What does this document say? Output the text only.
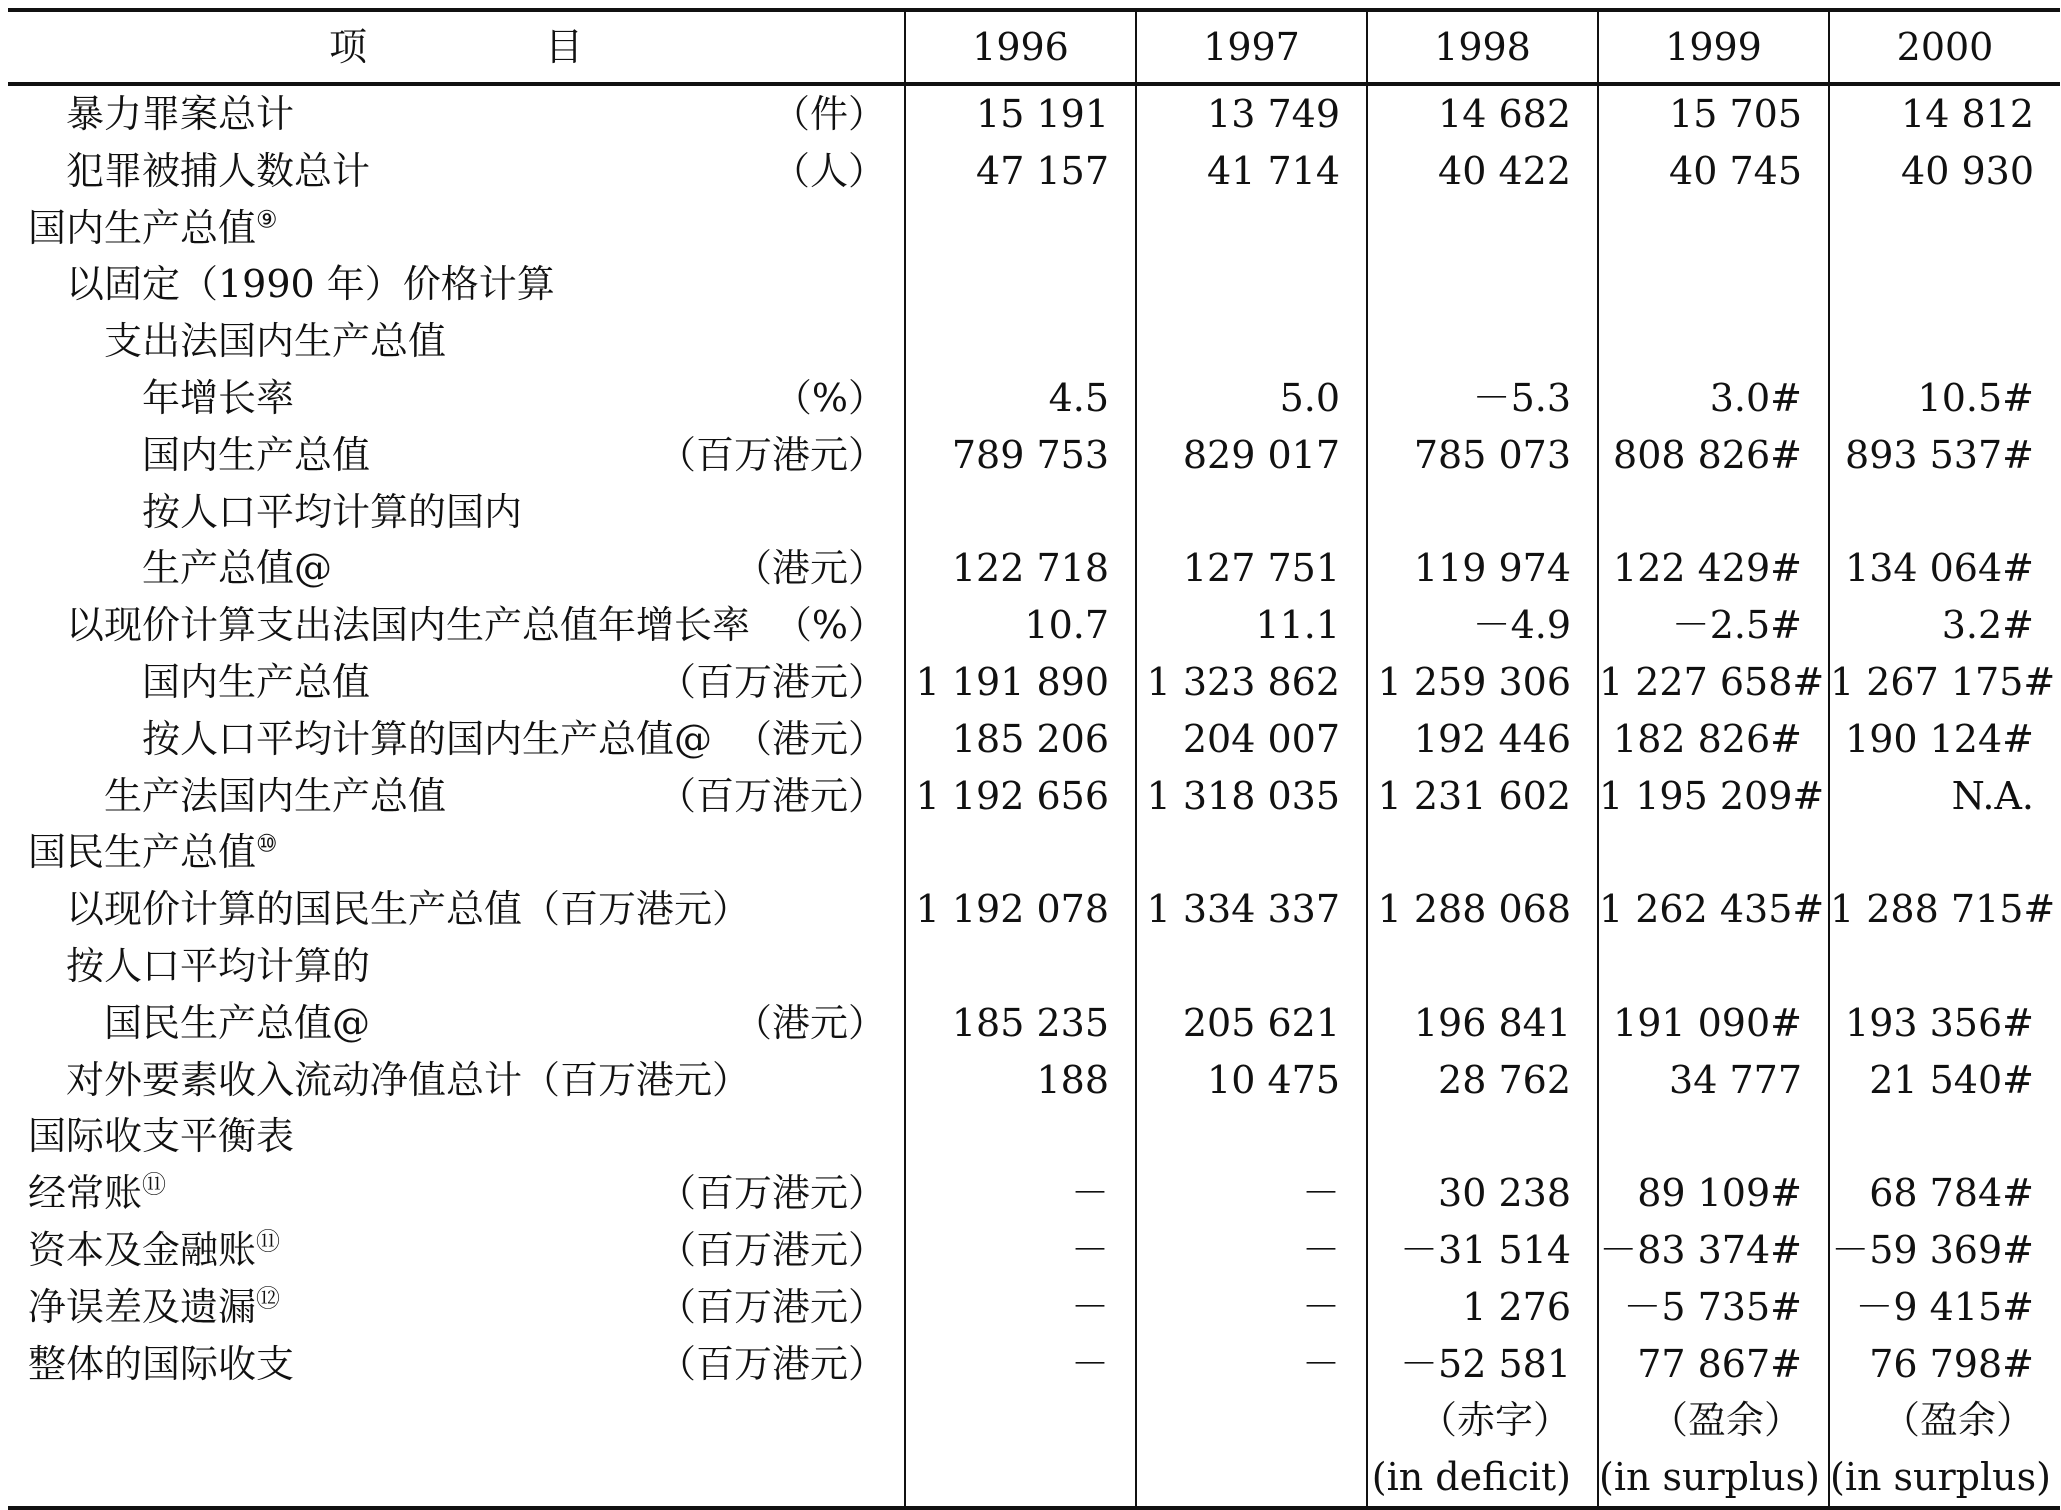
项　目	1996	1997	1998	1999	2000

暴力罪案总计 （件）	15 191	13 749	14 682	15 705	14 812

犯罪被捕人数总计 （人）	47 157	41 714	40 422	40 745	40 930

国内生产总值⑨

以固定（1990 年）价格计算					

支出法国内生产总值					

年增长率 （%）	4.5	5.0	－5.3	3.0#	10.5#

国内生产总值 （百万港元）	789 753	829 017	785 073	808 826#	893 537#

按人口平均计算的国内					

生产总值@ （港元）	122 718	127 751	119 974	122 429#	134 064#

以现价计算支出法国内生产总值年增长率 （%）	10.7	11.1	－4.9	－2.5#	3.2#

国内生产总值 （百万港元）	1 191 890	1 323 862	1 259 306	1 227 658#	1 267 175#

按人口平均计算的国内生产总值@ （港元）	185 206	204 007	192 446	182 826#	190 124#

生产法国内生产总值 （百万港元）	1 192 656	1 318 035	1 231 602	1 195 209#	N.A.

国民生产总值⑩

以现价计算的国民生产总值（百万港元）	1 192 078	1 334 337	1 288 068	1 262 435#	1 288 715#

按人口平均计算的					

国民生产总值@ （港元）	185 235	205 621	196 841	191 090#	193 356#

对外要素收入流动净值总计（百万港元）	188	10 475	28 762	34 777	21 540#

国际收支平衡表					

经常账⑪ （百万港元）	－	－	30 238	89 109#	68 784#

资本及金融账⑪ （百万港元）	－	－	－31 514	－83 374#	－59 369#

净误差及遗漏⑫ （百万港元）	－	－	1 276	－5 735#	－9 415#

整体的国际收支 （百万港元）	－	－	－52 581	77 867#	76 798#

			（赤字）	（盈余）	（盈余）

			(in deficit)	(in surplus)	(in surplus)
